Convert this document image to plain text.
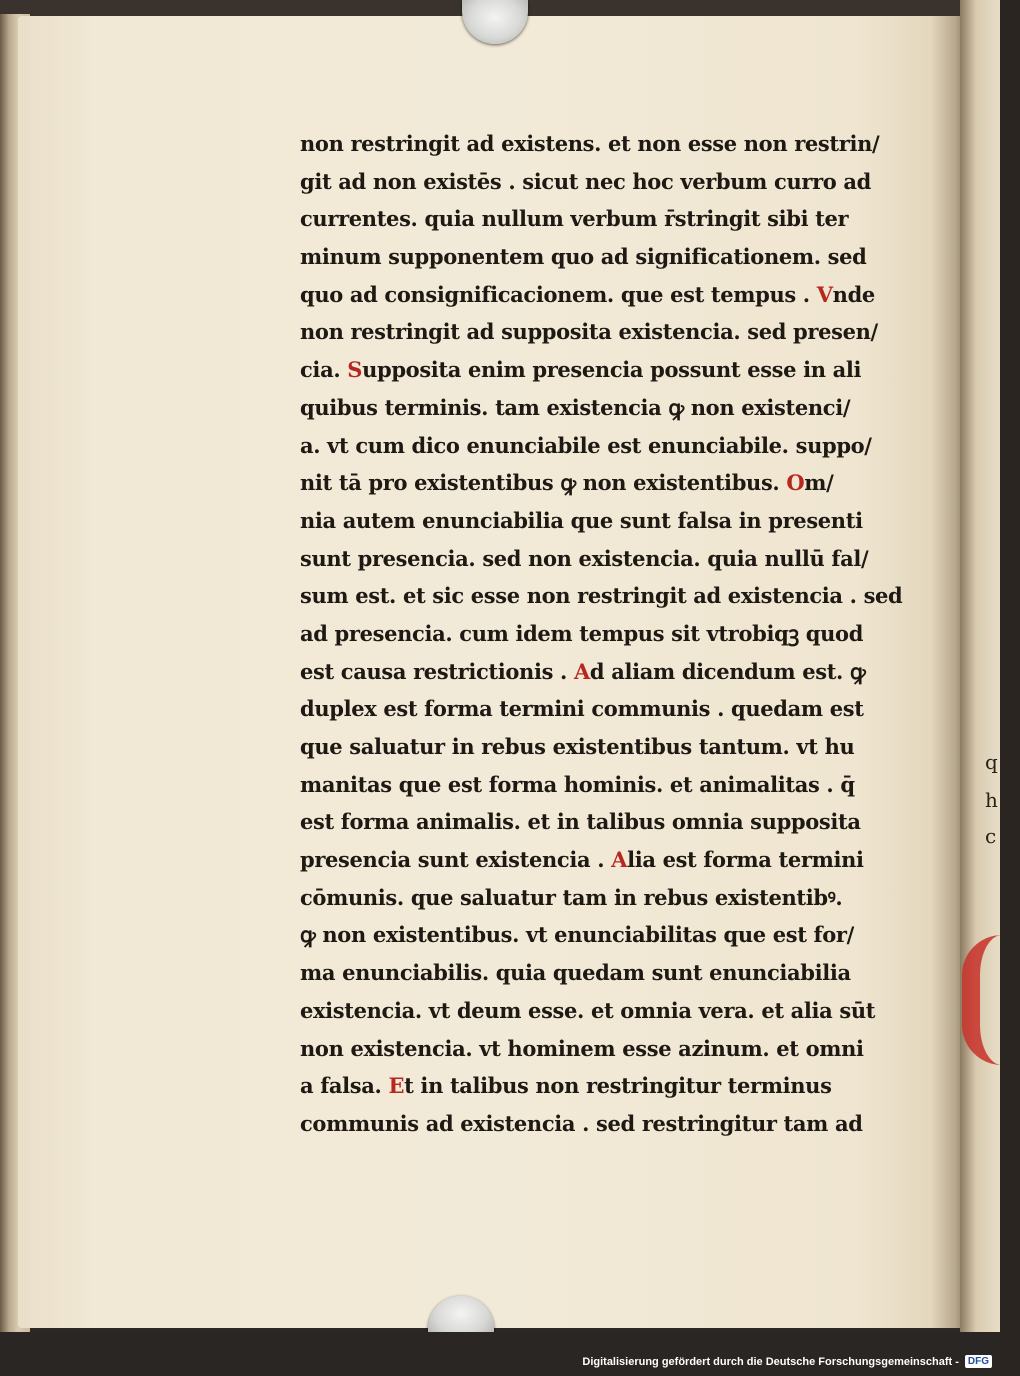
q
h
c
non restringit ad existens. et non esse non restrin/
git ad non existēs . sicut nec hoc verbum curro ad
currentes. quia nullum verbum r̄stringit sibi ter
minum supponentem quo ad significationem. sed
quo ad consignificacionem. que est tempus . Vnde
non restringit ad supposita existencia. sed presen/
cia. Supposita enim presencia possunt esse in ali
quibus terminis. tam existencia ꝙ non existenci/
a. vt cum dico enunciabile est enunciabile. suppo/
nit tā pro existentibus ꝙ non existentibus. Om/
nia autem enunciabilia que sunt falsa in presenti
sunt presencia. sed non existencia. quia nullū fal/
sum est. et sic esse non restringit ad existencia . sed
ad presencia. cum idem tempus sit vtrobiqꝫ quod
est causa restrictionis . Ad aliam dicendum est. ꝙ
duplex est forma termini communis . quedam est
que saluatur in rebus existentibus tantum. vt hu
manitas que est forma hominis. et animalitas . q̄
est forma animalis. et in talibus omnia supposita
presencia sunt existencia . Alia est forma termini
cōmunis. que saluatur tam in rebus existentibꝰ.
ꝙ non existentibus. vt enunciabilitas que est for/
ma enunciabilis. quia quedam sunt enunciabilia
existencia. vt deum esse. et omnia vera. et alia sūt
non existencia. vt hominem esse azinum. et omni
a falsa. Et in talibus non restringitur terminus
communis ad existencia . sed restringitur tam ad
Digitalisierung gefördert durch die Deutsche Forschungsgemeinschaft - DFG
